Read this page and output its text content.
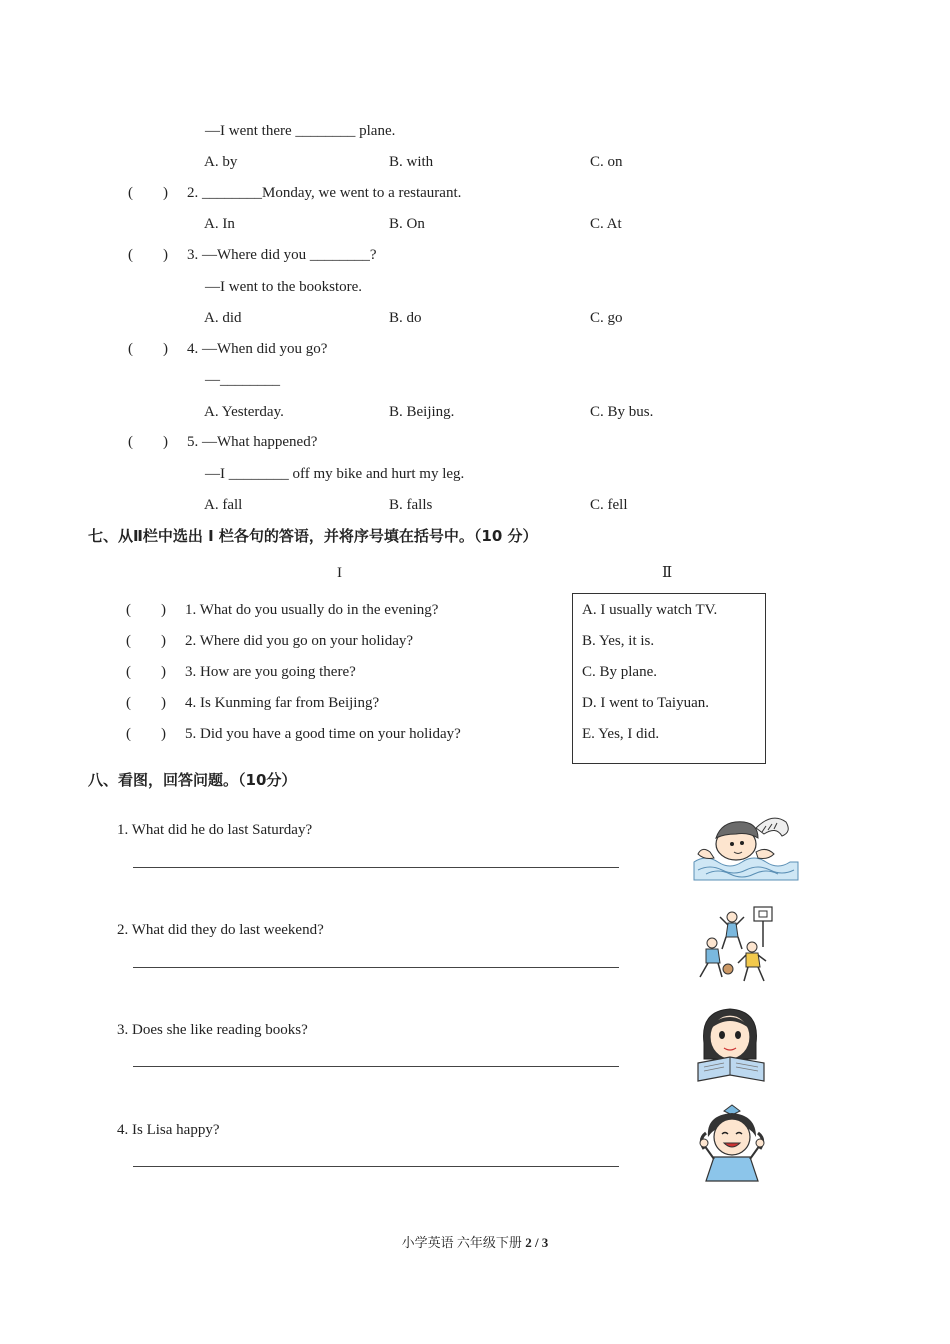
—I went there ________ plane.
A. by	B. with	C. on
(        ) 2. ________Monday, we went to a restaurant.
A. In	B. On	C. At
(        ) 3. —Where did you ________?
—I went to the bookstore.
A. did	B. do	C. go
(        ) 4. —When did you go?
—________
A. Yesterday.	B. Beijing.	C. By bus.
(        ) 5. —What happened?
—I ________ off my bike and hurt my leg.
A. fall	B. falls	C. fell
七、从Ⅱ栏中选出 I 栏各句的答语，并将序号填在括号中。（10 分）
I	Ⅱ
(        ) 1. What do you usually do in the evening?
(        ) 2. Where did you go on your holiday?
(        ) 3. How are you going there?
(        ) 4. Is Kunming far from Beijing?
(        ) 5. Did you have a good time on your holiday?
A. I usually watch TV.
B. Yes, it is.
C. By plane.
D. I went to Taiyuan.
E. Yes, I did.
八、看图，回答问题。（10分）
1. What did he do last Saturday?
2. What did they do last weekend?
3. Does she like reading books?
4. Is Lisa happy?
小学英语 六年级下册 2 / 3
